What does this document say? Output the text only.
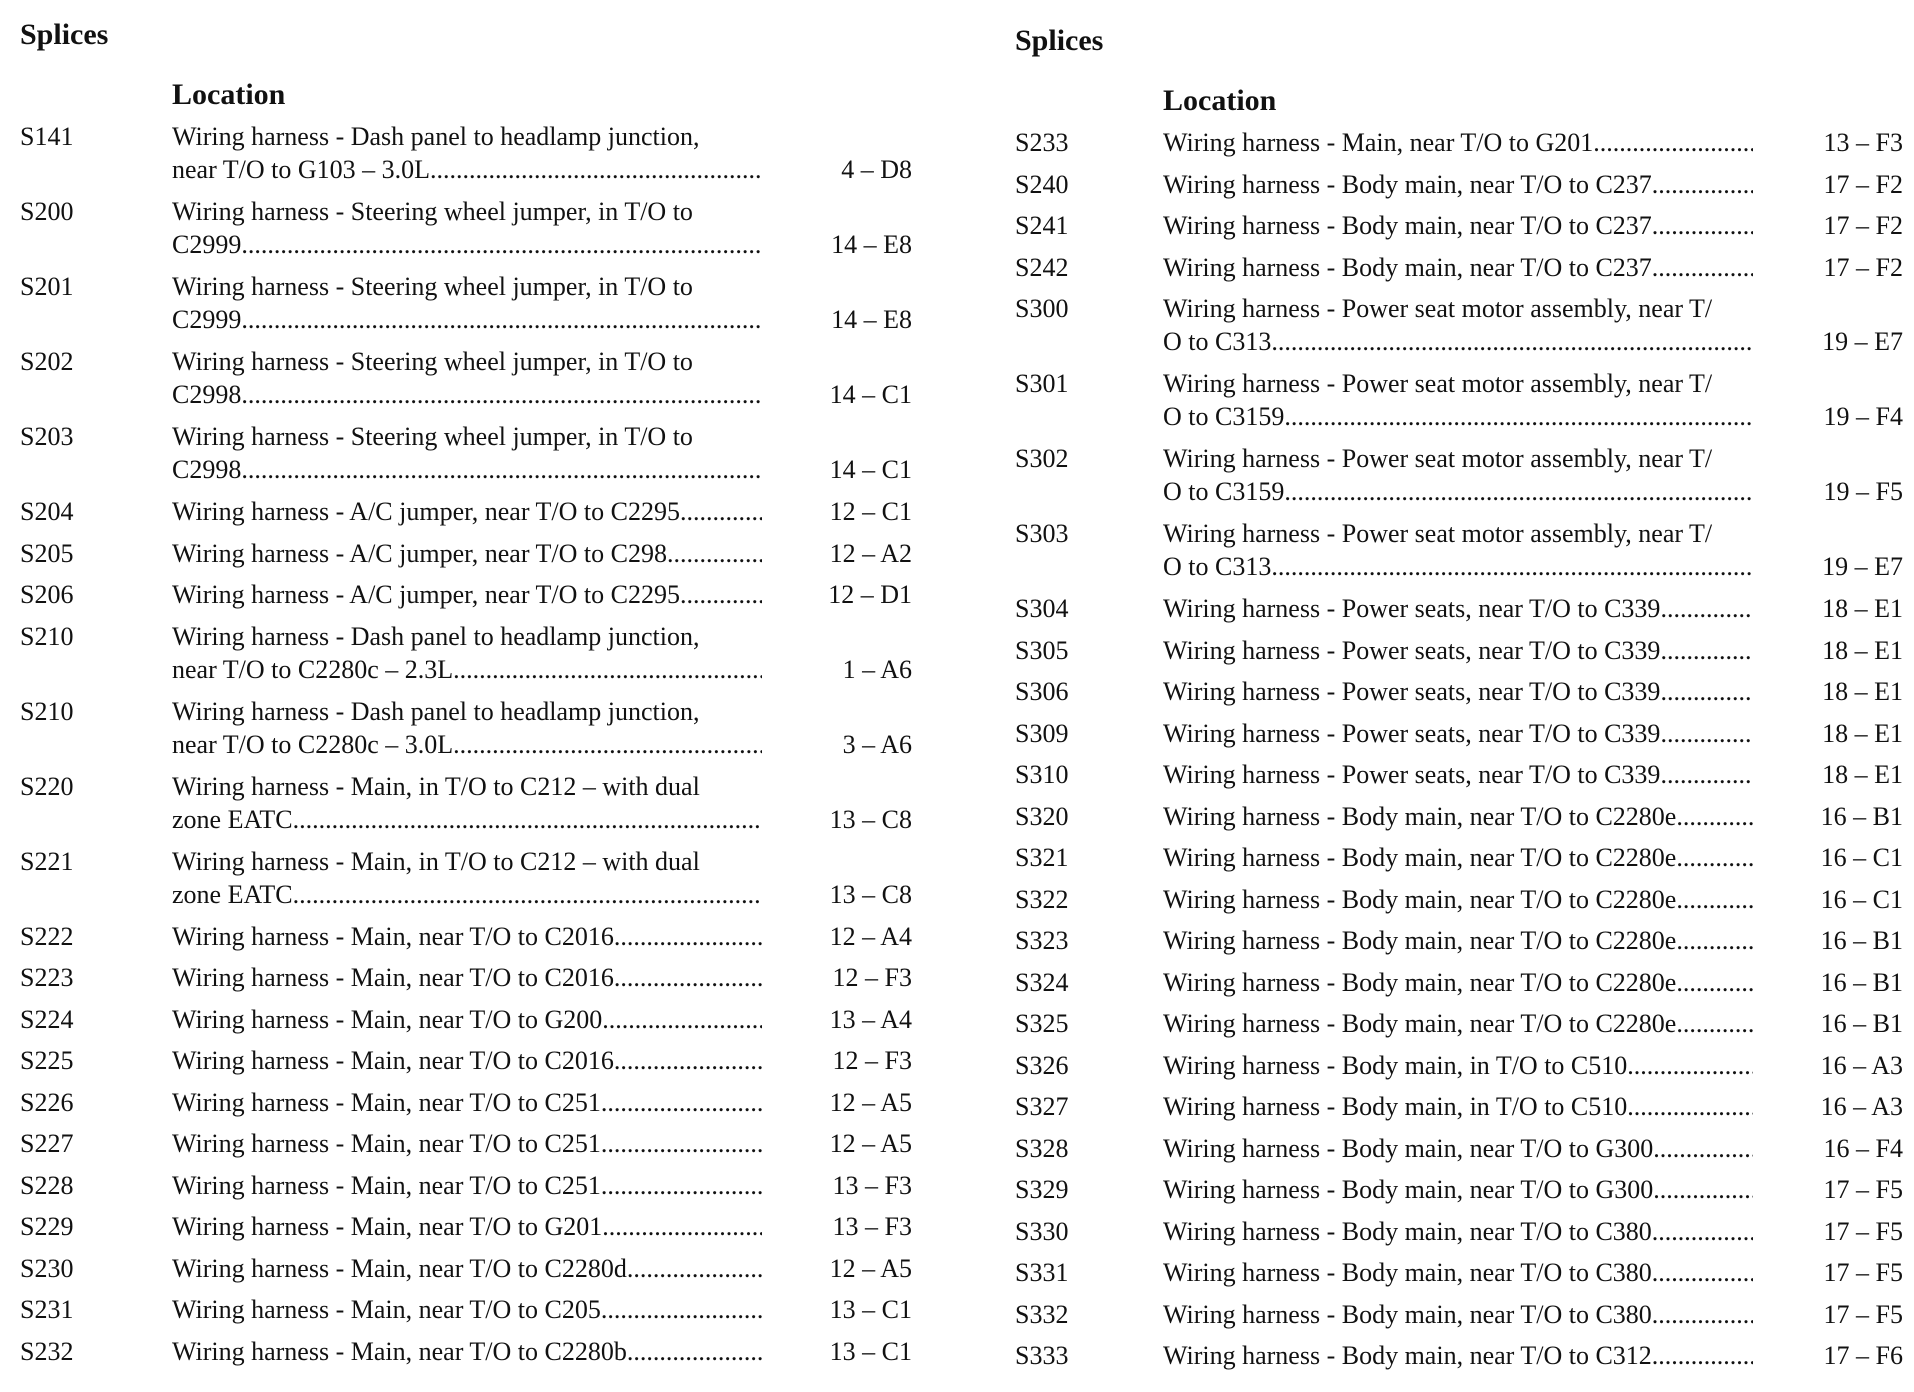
Splices
Location
S141	Wiring harness - Dash panel to headlamp junction,
near T/O to G103 – 3.0L .....	4 – D8
S200	Wiring harness - Steering wheel jumper, in T/O to
C2999 .....	14 – E8
S201	Wiring harness - Steering wheel jumper, in T/O to
C2999 .....	14 – E8
S202	Wiring harness - Steering wheel jumper, in T/O to
C2998 .....	14 – C1
S203	Wiring harness - Steering wheel jumper, in T/O to
C2998 .....	14 – C1
S204	Wiring harness - A/C jumper, near T/O to C2295 .....	12 – C1
S205	Wiring harness - A/C jumper, near T/O to C298 .....	12 – A2
S206	Wiring harness - A/C jumper, near T/O to C2295 .....	12 – D1
S210	Wiring harness - Dash panel to headlamp junction,
near T/O to C2280c – 2.3L .....	1 – A6
S210	Wiring harness - Dash panel to headlamp junction,
near T/O to C2280c – 3.0L .....	3 – A6
S220	Wiring harness - Main, in T/O to C212 – with dual
zone EATC .....	13 – C8
S221	Wiring harness - Main, in T/O to C212 – with dual
zone EATC .....	13 – C8
S222	Wiring harness - Main, near T/O to C2016 .....	12 – A4
S223	Wiring harness - Main, near T/O to C2016 .....	12 – F3
S224	Wiring harness - Main, near T/O to G200 .....	13 – A4
S225	Wiring harness - Main, near T/O to C2016 .....	12 – F3
S226	Wiring harness - Main, near T/O to C251 .....	12 – A5
S227	Wiring harness - Main, near T/O to C251 .....	12 – A5
S228	Wiring harness - Main, near T/O to C251 .....	13 – F3
S229	Wiring harness - Main, near T/O to G201 .....	13 – F3
S230	Wiring harness - Main, near T/O to C2280d .....	12 – A5
S231	Wiring harness - Main, near T/O to C205 .....	13 – C1
S232	Wiring harness - Main, near T/O to C2280b .....	13 – C1
Splices
Location
S233	Wiring harness - Main, near T/O to G201 .....	13 – F3
S240	Wiring harness - Body main, near T/O to C237 .....	17 – F2
S241	Wiring harness - Body main, near T/O to C237 .....	17 – F2
S242	Wiring harness - Body main, near T/O to C237 .....	17 – F2
S300	Wiring harness - Power seat motor assembly, near T/
O to C313 .....	19 – E7
S301	Wiring harness - Power seat motor assembly, near T/
O to C3159 .....	19 – F4
S302	Wiring harness - Power seat motor assembly, near T/
O to C3159 .....	19 – F5
S303	Wiring harness - Power seat motor assembly, near T/
O to C313 .....	19 – E7
S304	Wiring harness - Power seats, near T/O to C339 .....	18 – E1
S305	Wiring harness - Power seats, near T/O to C339 .....	18 – E1
S306	Wiring harness - Power seats, near T/O to C339 .....	18 – E1
S309	Wiring harness - Power seats, near T/O to C339 .....	18 – E1
S310	Wiring harness - Power seats, near T/O to C339 .....	18 – E1
S320	Wiring harness - Body main, near T/O to C2280e .....	16 – B1
S321	Wiring harness - Body main, near T/O to C2280e .....	16 – C1
S322	Wiring harness - Body main, near T/O to C2280e .....	16 – C1
S323	Wiring harness - Body main, near T/O to C2280e .....	16 – B1
S324	Wiring harness - Body main, near T/O to C2280e .....	16 – B1
S325	Wiring harness - Body main, near T/O to C2280e .....	16 – B1
S326	Wiring harness - Body main, in T/O to C510 .....	16 – A3
S327	Wiring harness - Body main, in T/O to C510 .....	16 – A3
S328	Wiring harness - Body main, near T/O to G300 .....	16 – F4
S329	Wiring harness - Body main, near T/O to G300 .....	17 – F5
S330	Wiring harness - Body main, near T/O to C380 .....	17 – F5
S331	Wiring harness - Body main, near T/O to C380 .....	17 – F5
S332	Wiring harness - Body main, near T/O to C380 .....	17 – F5
S333	Wiring harness - Body main, near T/O to C312 .....	17 – F6
